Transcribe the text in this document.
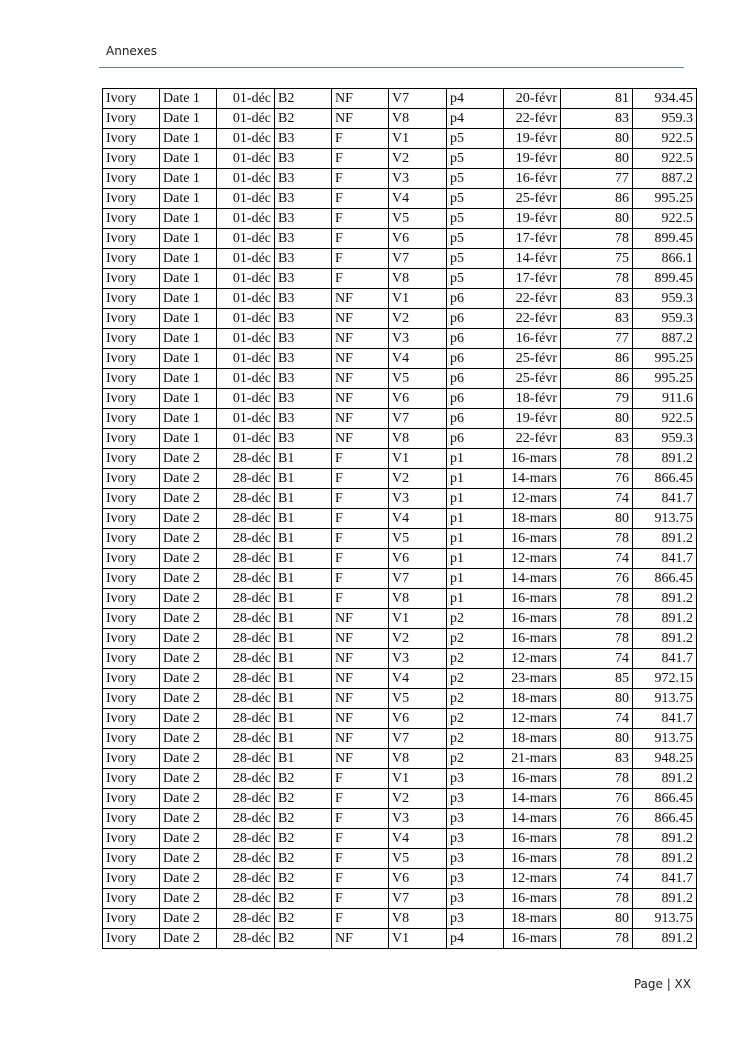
Annexes
Ivory	Date 1	01-déc	B2	NF	V7	p4	20-févr	81	934.45
Ivory	Date 1	01-déc	B2	NF	V8	p4	22-févr	83	959.3
Ivory	Date 1	01-déc	B3	F	V1	p5	19-févr	80	922.5
Ivory	Date 1	01-déc	B3	F	V2	p5	19-févr	80	922.5
Ivory	Date 1	01-déc	B3	F	V3	p5	16-févr	77	887.2
Ivory	Date 1	01-déc	B3	F	V4	p5	25-févr	86	995.25
Ivory	Date 1	01-déc	B3	F	V5	p5	19-févr	80	922.5
Ivory	Date 1	01-déc	B3	F	V6	p5	17-févr	78	899.45
Ivory	Date 1	01-déc	B3	F	V7	p5	14-févr	75	866.1
Ivory	Date 1	01-déc	B3	F	V8	p5	17-févr	78	899.45
Ivory	Date 1	01-déc	B3	NF	V1	p6	22-févr	83	959.3
Ivory	Date 1	01-déc	B3	NF	V2	p6	22-févr	83	959.3
Ivory	Date 1	01-déc	B3	NF	V3	p6	16-févr	77	887.2
Ivory	Date 1	01-déc	B3	NF	V4	p6	25-févr	86	995.25
Ivory	Date 1	01-déc	B3	NF	V5	p6	25-févr	86	995.25
Ivory	Date 1	01-déc	B3	NF	V6	p6	18-févr	79	911.6
Ivory	Date 1	01-déc	B3	NF	V7	p6	19-févr	80	922.5
Ivory	Date 1	01-déc	B3	NF	V8	p6	22-févr	83	959.3
Ivory	Date 2	28-déc	B1	F	V1	p1	16-mars	78	891.2
Ivory	Date 2	28-déc	B1	F	V2	p1	14-mars	76	866.45
Ivory	Date 2	28-déc	B1	F	V3	p1	12-mars	74	841.7
Ivory	Date 2	28-déc	B1	F	V4	p1	18-mars	80	913.75
Ivory	Date 2	28-déc	B1	F	V5	p1	16-mars	78	891.2
Ivory	Date 2	28-déc	B1	F	V6	p1	12-mars	74	841.7
Ivory	Date 2	28-déc	B1	F	V7	p1	14-mars	76	866.45
Ivory	Date 2	28-déc	B1	F	V8	p1	16-mars	78	891.2
Ivory	Date 2	28-déc	B1	NF	V1	p2	16-mars	78	891.2
Ivory	Date 2	28-déc	B1	NF	V2	p2	16-mars	78	891.2
Ivory	Date 2	28-déc	B1	NF	V3	p2	12-mars	74	841.7
Ivory	Date 2	28-déc	B1	NF	V4	p2	23-mars	85	972.15
Ivory	Date 2	28-déc	B1	NF	V5	p2	18-mars	80	913.75
Ivory	Date 2	28-déc	B1	NF	V6	p2	12-mars	74	841.7
Ivory	Date 2	28-déc	B1	NF	V7	p2	18-mars	80	913.75
Ivory	Date 2	28-déc	B1	NF	V8	p2	21-mars	83	948.25
Ivory	Date 2	28-déc	B2	F	V1	p3	16-mars	78	891.2
Ivory	Date 2	28-déc	B2	F	V2	p3	14-mars	76	866.45
Ivory	Date 2	28-déc	B2	F	V3	p3	14-mars	76	866.45
Ivory	Date 2	28-déc	B2	F	V4	p3	16-mars	78	891.2
Ivory	Date 2	28-déc	B2	F	V5	p3	16-mars	78	891.2
Ivory	Date 2	28-déc	B2	F	V6	p3	12-mars	74	841.7
Ivory	Date 2	28-déc	B2	F	V7	p3	16-mars	78	891.2
Ivory	Date 2	28-déc	B2	F	V8	p3	18-mars	80	913.75
Ivory	Date 2	28-déc	B2	NF	V1	p4	16-mars	78	891.2
Page | XX
